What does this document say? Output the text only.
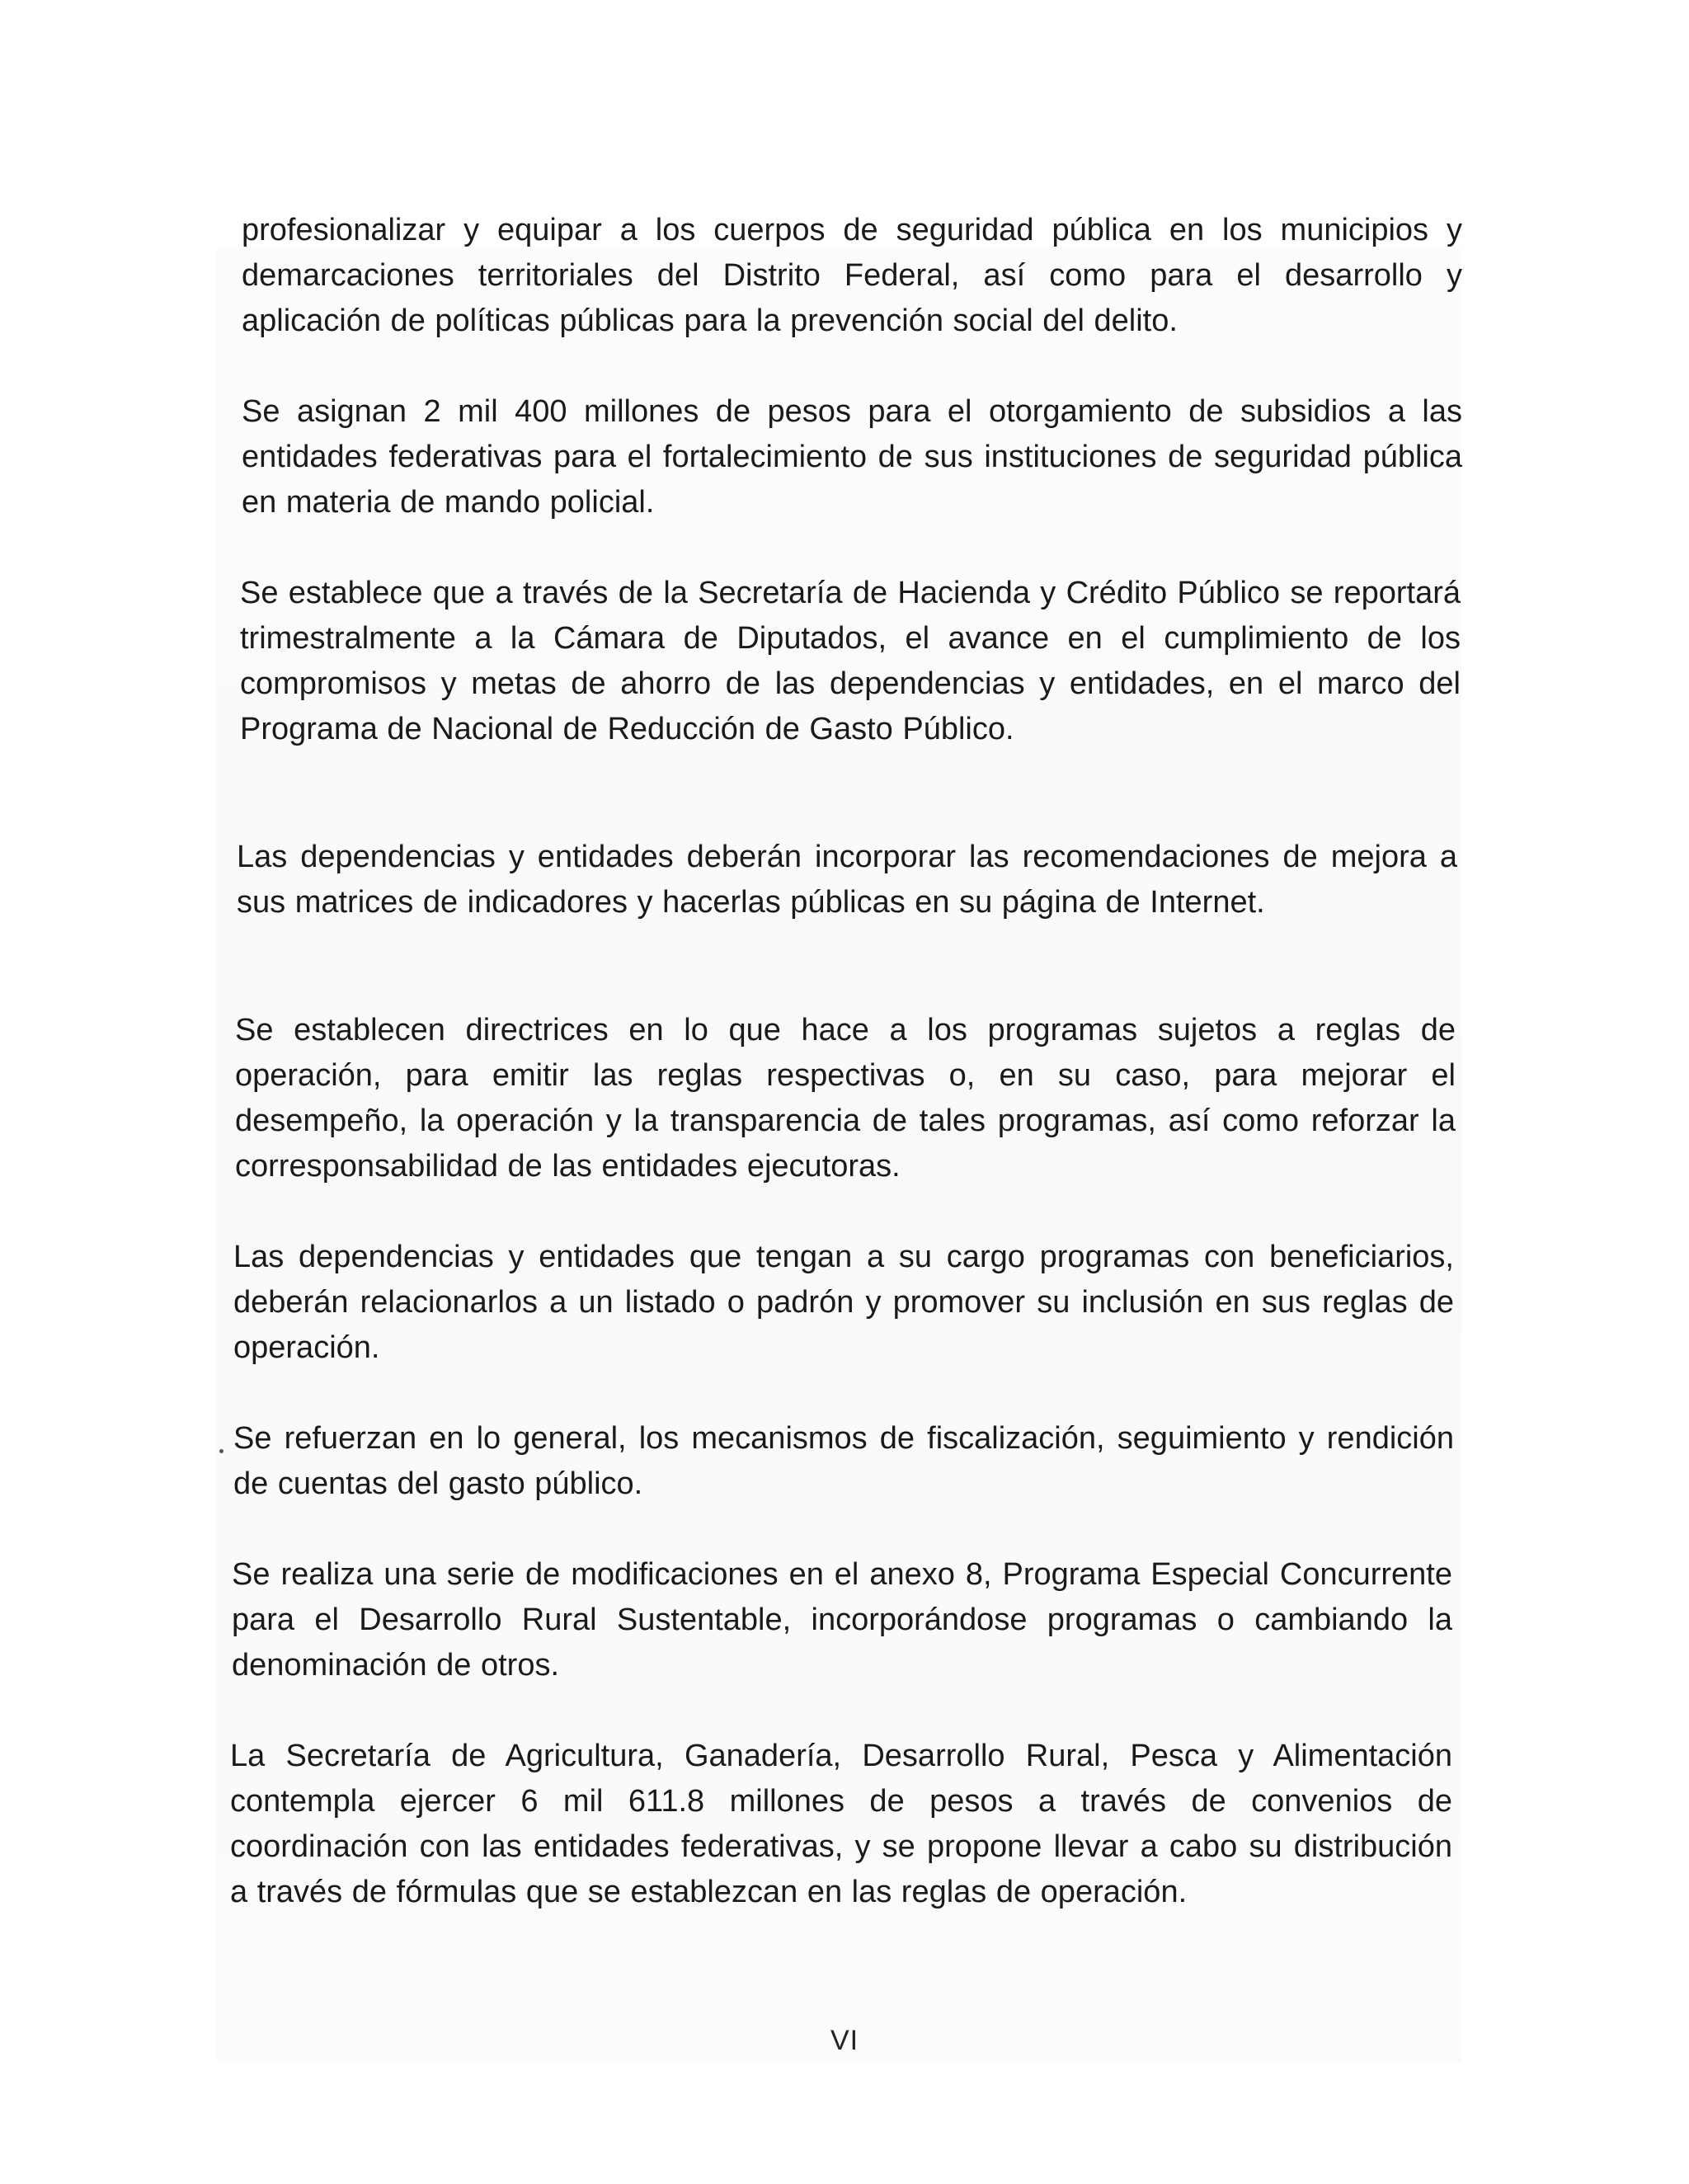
profesionalizar y equipar a los cuerpos de seguridad pública en los municipios y demarcaciones territoriales del Distrito Federal, así como para el desarrollo y aplicación de políticas públicas para la prevención social del delito.

Se asignan 2 mil 400 millones de pesos para el otorgamiento de subsidios a las entidades federativas para el fortalecimiento de sus instituciones de seguridad pública en materia de mando policial.

Se establece que a través de la Secretaría de Hacienda y Crédito Público se reportará trimestralmente a la Cámara de Diputados, el avance en el cumplimiento de los compromisos y metas de ahorro de las dependencias y entidades, en el marco del Programa de Nacional de Reducción de Gasto Público.

Las dependencias y entidades deberán incorporar las recomendaciones de mejora a sus matrices de indicadores y hacerlas públicas en su página de Internet.

Se establecen directrices en lo que hace a los programas sujetos a reglas de operación, para emitir las reglas respectivas o, en su caso, para mejorar el desempeño, la operación y la transparencia de tales programas, así como reforzar la corresponsabilidad de las entidades ejecutoras.

Las dependencias y entidades que tengan a su cargo programas con beneficiarios, deberán relacionarlos a un listado o padrón y promover su inclusión en sus reglas de operación.

Se refuerzan en lo general, los mecanismos de fiscalización, seguimiento y rendición de cuentas del gasto público.

Se realiza una serie de modificaciones en el anexo 8, Programa Especial Concurrente para el Desarrollo Rural Sustentable, incorporándose programas o cambiando la denominación de otros.

La Secretaría de Agricultura, Ganadería, Desarrollo Rural, Pesca y Alimentación contempla ejercer 6 mil 611.8 millones de pesos a través de convenios de coordinación con las entidades federativas, y se propone llevar a cabo su distribución a través de fórmulas que se establezcan en las reglas de operación.

VI
